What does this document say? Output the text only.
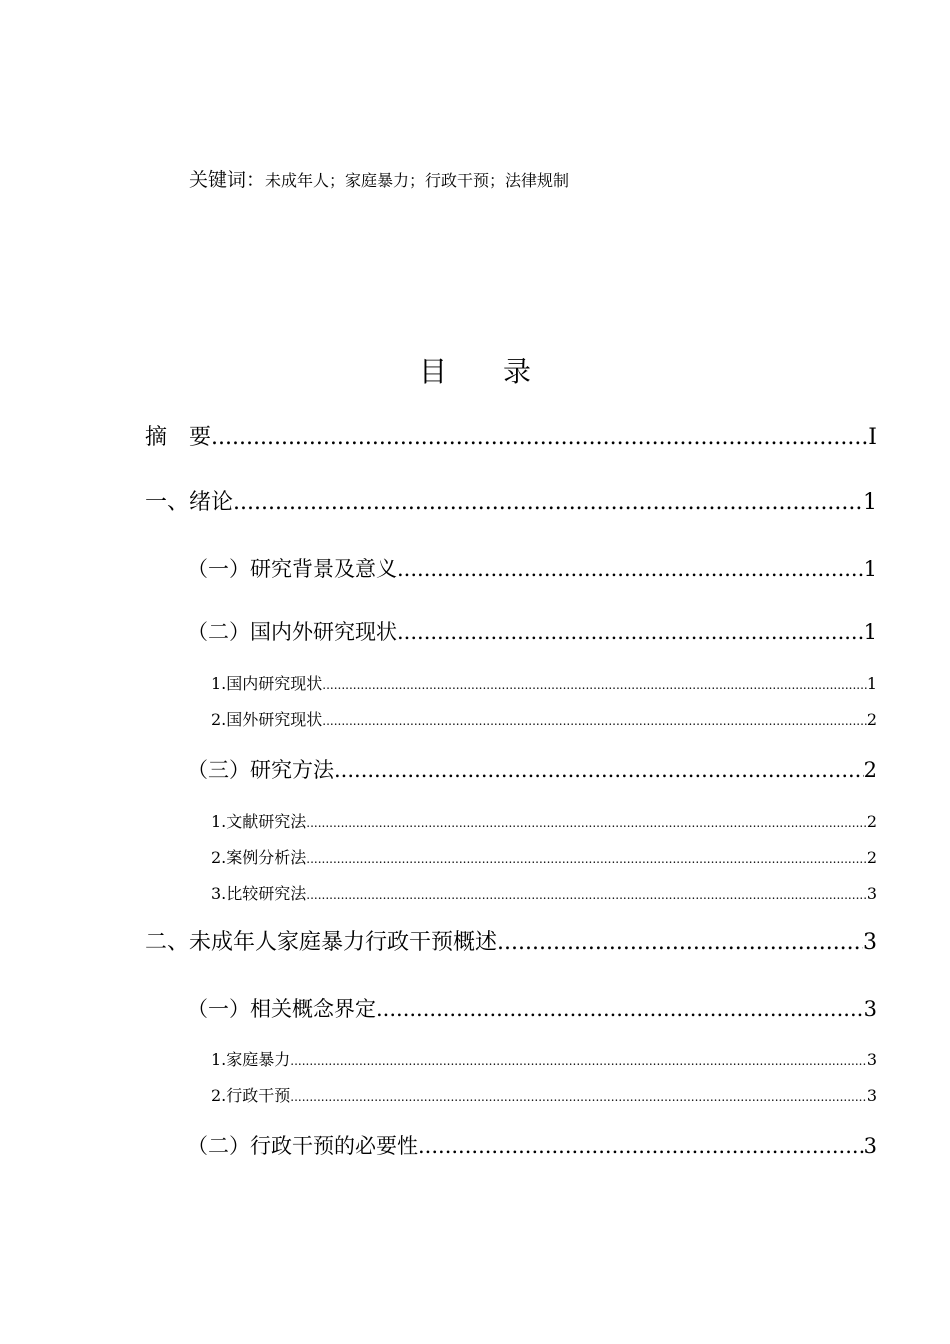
关键词：未成年人；家庭暴力；行政干预；法律规制
目录
摘　要 .....	I
一、绪论 .....	1
（一）研究背景及意义 .....	1
（二）国内外研究现状 .....	1
1.国内研究现状 .....	1
2.国外研究现状 .....	2
（三）研究方法 .....	2
1.文献研究法 .....	2
2.案例分析法 .....	2
3.比较研究法 .....	3
二、未成年人家庭暴力行政干预概述 .....	3
（一）相关概念界定 .....	3
1.家庭暴力 .....	3
2.行政干预 .....	3
（二）行政干预的必要性 .....	3
